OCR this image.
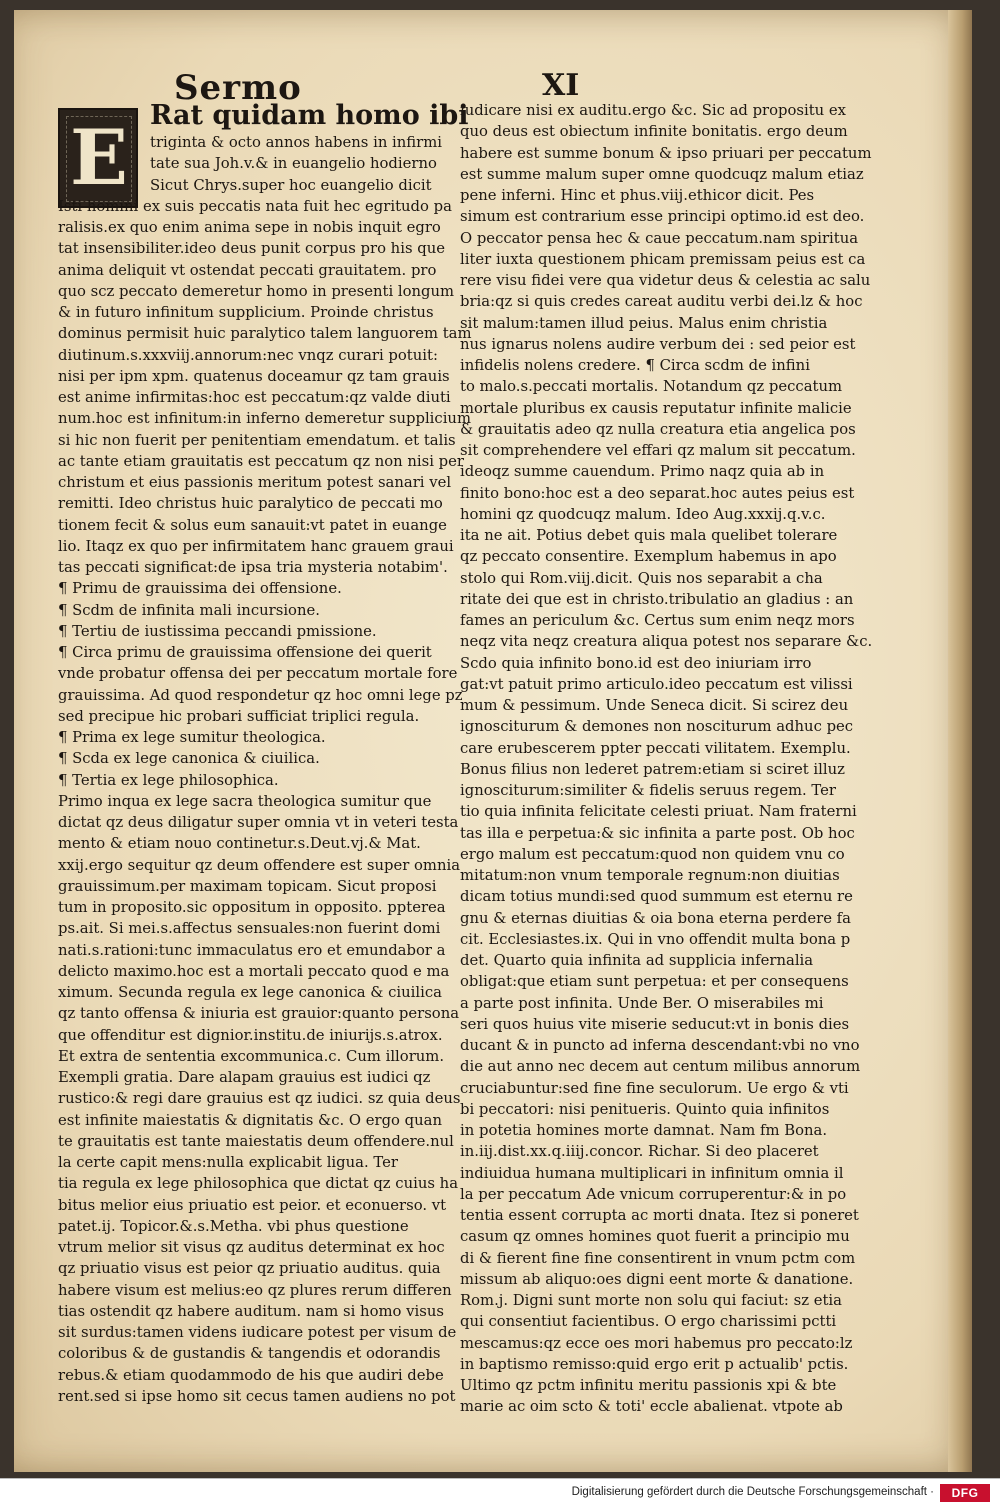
Sermo	XI
E Rat quidam homo ibi
triginta & octo annos habens in infirmi
tate sua Joh.v.& in euangelio hodierno
Sicut Chrys.super hoc euangelio dicit
Isti homini ex suis peccatis nata fuit hec egritudo pa
ralisis.ex quo enim anima sepe in nobis inquit egro
tat insensibiliter.ideo deus punit corpus pro his que
anima deliquit vt ostendat peccati grauitatem. pro
quo scz peccato demeretur homo in presenti longum
& in futuro infinitum supplicium. Proinde christus
dominus permisit huic paralytico talem languorem tam
diutinum.s.xxxviij.annorum:nec vnqz curari potuit:
nisi per ipm xpm. quatenus doceamur qz tam grauis
est anime infirmitas:hoc est peccatum:qz valde diuti
num.hoc est infinitum:in inferno demeretur supplicium
si hic non fuerit per penitentiam emendatum. et talis
ac tante etiam grauitatis est peccatum qz non nisi per
christum et eius passionis meritum potest sanari vel
remitti. Ideo christus huic paralytico de peccati mo
tionem fecit & solus eum sanauit:vt patet in euange
lio. Itaqz ex quo per infirmitatem hanc grauem graui
tas peccati significat:de ipsa tria mysteria notabim'.
¶ Primu de grauissima dei offensione.
¶ Scdm de infinita mali incursione.
¶ Tertiu de iustissima peccandi pmissione.
¶ Circa primu de grauissima offensione dei querit
vnde probatur offensa dei per peccatum mortale fore
grauissima. Ad quod respondetur qz hoc omni lege pz
sed precipue hic probari sufficiat triplici regula.
¶ Prima ex lege sumitur theologica.
¶ Scda ex lege canonica & ciuilica.
¶ Tertia ex lege philosophica.
Primo inqua ex lege sacra theologica sumitur que
dictat qz deus diligatur super omnia vt in veteri testa
mento & etiam nouo continetur.s.Deut.vj.& Mat.
xxij.ergo sequitur qz deum offendere est super omnia
grauissimum.per maximam topicam. Sicut proposi
tum in proposito.sic oppositum in opposito. ppterea
ps.ait. Si mei.s.affectus sensuales:non fuerint domi
nati.s.rationi:tunc immaculatus ero et emundabor a
delicto maximo.hoc est a mortali peccato quod e ma
ximum. Secunda regula ex lege canonica & ciuilica
qz tanto offensa & iniuria est grauior:quanto persona
que offenditur est dignior.institu.de iniurijs.s.atrox.
Et extra de sententia excommunica.c. Cum illorum.
Exempli gratia. Dare alapam grauius est iudici qz
rustico:& regi dare grauius est qz iudici. sz quia deus
est infinite maiestatis & dignitatis &c. O ergo quan
te grauitatis est tante maiestatis deum offendere.nul
la certe capit mens:nulla explicabit ligua. Ter
tia regula ex lege philosophica que dictat qz cuius ha
bitus melior eius priuatio est peior. et econuerso. vt
patet.ij. Topicor.&.s.Metha. vbi phus questione
vtrum melior sit visus qz auditus determinat ex hoc
qz priuatio visus est peior qz priuatio auditus. quia
habere visum est melius:eo qz plures rerum differen
tias ostendit qz habere auditum. nam si homo visus
sit surdus:tamen videns iudicare potest per visum de
coloribus & de gustandis & tangendis et odorandis
rebus.& etiam quodammodo de his que audiri debe
rent.sed si ipse homo sit cecus tamen audiens no pot
iudicare nisi ex auditu.ergo &c. Sic ad propositu ex
quo deus est obiectum infinite bonitatis. ergo deum
habere est summe bonum & ipso priuari per peccatum
est summe malum super omne quodcuqz malum etiaz
pene inferni. Hinc et phus.viij.ethicor dicit. Pes
simum est contrarium esse principi optimo.id est deo.
O peccator pensa hec & caue peccatum.nam spiritua
liter iuxta questionem phicam premissam peius est ca
rere visu fidei vere qua videtur deus & celestia ac salu
bria:qz si quis credes careat auditu verbi dei.lz & hoc
sit malum:tamen illud peius. Malus enim christia
nus ignarus nolens audire verbum dei : sed peior est
infidelis nolens credere. ¶ Circa scdm de infini
to malo.s.peccati mortalis. Notandum qz peccatum
mortale pluribus ex causis reputatur infinite malicie
& grauitatis adeo qz nulla creatura etia angelica pos
sit comprehendere vel effari qz malum sit peccatum.
ideoqz summe cauendum. Primo naqz quia ab in
finito bono:hoc est a deo separat.hoc autes peius est
homini qz quodcuqz malum. Ideo Aug.xxxij.q.v.c.
ita ne ait. Potius debet quis mala quelibet tolerare
qz peccato consentire. Exemplum habemus in apo
stolo qui Rom.viij.dicit. Quis nos separabit a cha
ritate dei que est in christo.tribulatio an gladius : an
fames an periculum &c. Certus sum enim neqz mors
neqz vita neqz creatura aliqua potest nos separare &c.
Scdo quia infinito bono.id est deo iniuriam irro
gat:vt patuit primo articulo.ideo peccatum est vilissi
mum & pessimum. Unde Seneca dicit. Si scirez deu
ignosciturum & demones non nosciturum adhuc pec
care erubescerem ppter peccati vilitatem. Exemplu.
Bonus filius non lederet patrem:etiam si sciret illuz
ignosciturum:similiter & fidelis seruus regem. Ter
tio quia infinita felicitate celesti priuat. Nam fraterni
tas illa e perpetua:& sic infinita a parte post. Ob hoc
ergo malum est peccatum:quod non quidem vnu co
mitatum:non vnum temporale regnum:non diuitias
dicam totius mundi:sed quod summum est eternu re
gnu & eternas diuitias & oia bona eterna perdere fa
cit. Ecclesiastes.ix. Qui in vno offendit multa bona p
det. Quarto quia infinita ad supplicia infernalia
obligat:que etiam sunt perpetua: et per consequens
a parte post infinita. Unde Ber. O miserabiles mi
seri quos huius vite miserie seducut:vt in bonis dies
ducant & in puncto ad inferna descendant:vbi no vno
die aut anno nec decem aut centum milibus annorum
cruciabuntur:sed fine fine seculorum. Ue ergo & vti
bi peccatori: nisi penitueris. Quinto quia infinitos
in potetia homines morte damnat. Nam fm Bona.
in.iij.dist.xx.q.iiij.concor. Richar. Si deo placeret
indiuidua humana multiplicari in infinitum omnia il
la per peccatum Ade vnicum corruperentur:& in po
tentia essent corrupta ac morti dnata. Itez si poneret
casum qz omnes homines quot fuerit a principio mu
di & fierent fine fine consentirent in vnum pctm com
missum ab aliquo:oes digni eent morte & danatione.
Rom.j. Digni sunt morte non solu qui faciut: sz etia
qui consentiut facientibus. O ergo charissimi pctti
mescamus:qz ecce oes mori habemus pro peccato:lz
in baptismo remisso:quid ergo erit p actualib' pctis.
Ultimo qz pctm infinitu meritu passionis xpi & bte
marie ac oim scto & toti' eccle abalienat. vtpote ab
Digitalisierung gefördert durch die Deutsche Forschungsgemeinschaft ·	DFG
